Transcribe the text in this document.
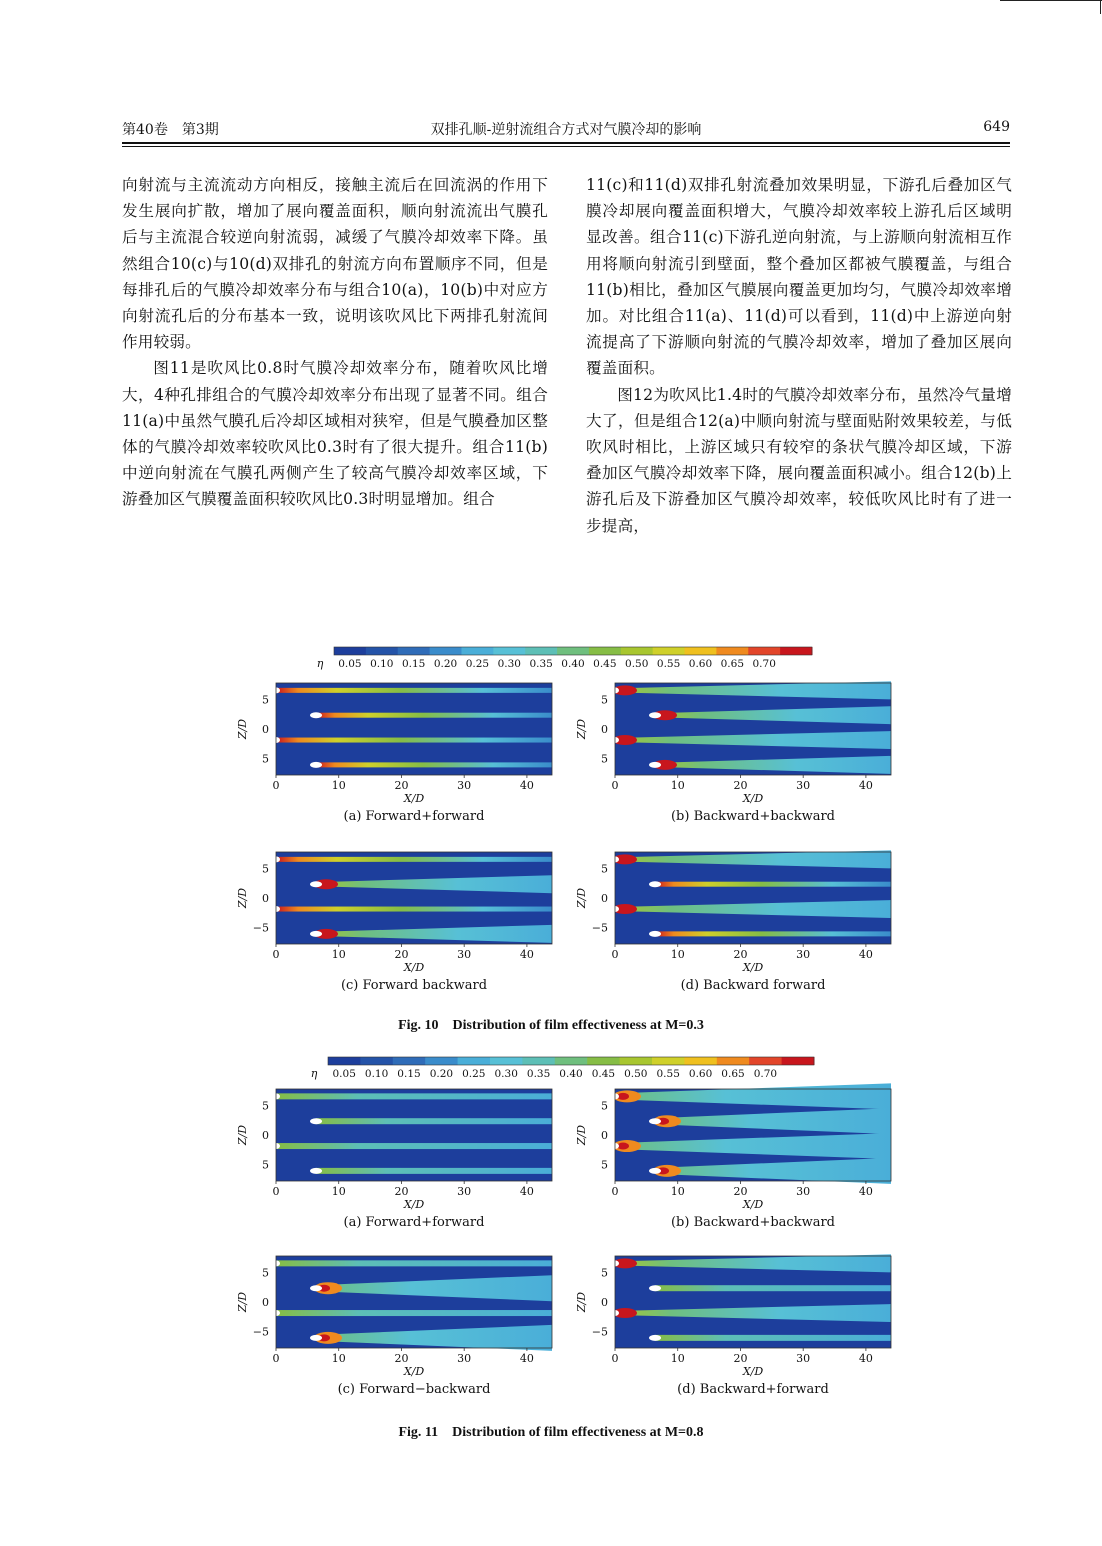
第40卷　第3期	双排孔顺-逆射流组合方式对气膜冷却的影响	649

向射流与主流流动方向相反，接触主流后在回流涡的作用下发生展向扩散，增加了展向覆盖面积，顺向射流流出气膜孔后与主流混合较逆向射流弱，减缓了气膜冷却效率下降。虽然组合10(c)与10(d)双排孔的射流方向布置顺序不同，但是每排孔后的气膜冷却效率分布与组合10(a)，10(b)中对应方向射流孔后的分布基本一致，说明该吹风比下两排孔射流间作用较弱。

图11是吹风比0.8时气膜冷却效率分布，随着吹风比增大，4种孔排组合的气膜冷却效率分布出现了显著不同。组合11(a)中虽然气膜孔后冷却区域相对狭窄，但是气膜叠加区整体的气膜冷却效率较吹风比0.3时有了很大提升。组合11(b)中逆向射流在气膜孔两侧产生了较高气膜冷却效率区域，下游叠加区气膜覆盖面积较吹风比0.3时明显增加。组合

11(c)和11(d)双排孔射流叠加效果明显，下游孔后叠加区气膜冷却展向覆盖面积增大，气膜冷却效率较上游孔后区域明显改善。组合11(c)下游孔逆向射流，与上游顺向射流相互作用将顺向射流引到壁面，整个叠加区都被气膜覆盖，与组合11(b)相比，叠加区气膜展向覆盖更加均匀，气膜冷却效率增加。对比组合11(a)、11(d)可以看到，11(d)中上游逆向射流提高了下游顺向射流的气膜冷却效率，增加了叠加区展向覆盖面积。

图12为吹风比1.4时的气膜冷却效率分布，虽然冷气量增大了，但是组合12(a)中顺向射流与壁面贴附效果较差，与低吹风时相比，上游区域只有较窄的条状气膜冷却区域，下游叠加区气膜冷却效率下降，展向覆盖面积减小。组合12(b)上游孔后及下游叠加区气膜冷却效率，较低吹风比时有了进一步提高，

η 0.05 0.10 0.15 0.20 0.25 0.30 0.35 0.40 0.45 0.50 0.55 0.60 0.65 0.70
5
0
5
Z/D
0	10	20	30	40
X/D
(a) Forward+forward
5
0
5
Z/D
0	10	20	30	40
X/D
(b) Backward+backward
5
0
−5
Z/D
0	10	20	30	40
X/D
(c) Forward backward
5
0
−5
Z/D
0	10	20	30	40
X/D
(d) Backward forward
η 0.05 0.10 0.15 0.20 0.25 0.30 0.35 0.40 0.45 0.50 0.55 0.60 0.65 0.70
5
0
5
Z/D
0	10	20	30	40
X/D
(a) Forward+forward
5
0
5
Z/D
0	10	20	30	40
X/D
(b) Backward+backward
5
0
−5
Z/D
0	10	20	30	40
X/D
(c) Forward−backward
5
0
−5
Z/D
0	10	20	30	40
X/D
(d) Backward+forward
Fig. 10　Distribution of film effectiveness at M=0.3
Fig. 11　Distribution of film effectiveness at M=0.8
